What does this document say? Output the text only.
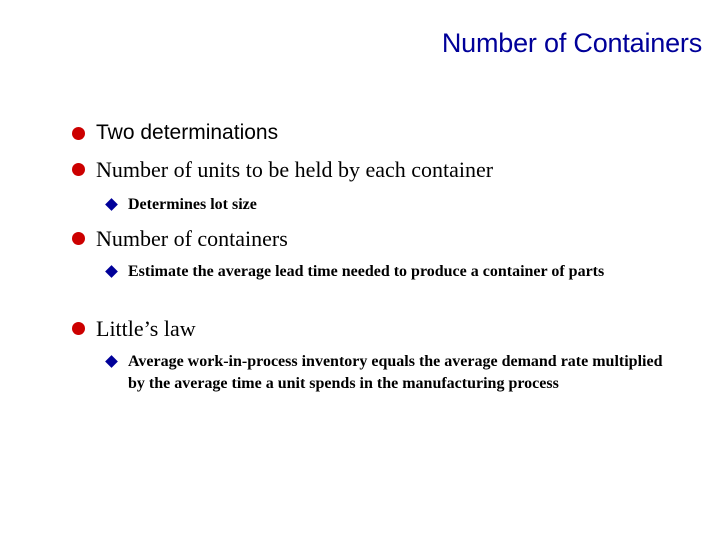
Number of Containers
Two determinations
Number of units to be held by each container
Determines lot size
Number of containers
Estimate the average lead time needed to produce a container of parts
Little’s law
Average work-in-process inventory equals the average demand rate multiplied by the average time a unit spends in the manufacturing process
